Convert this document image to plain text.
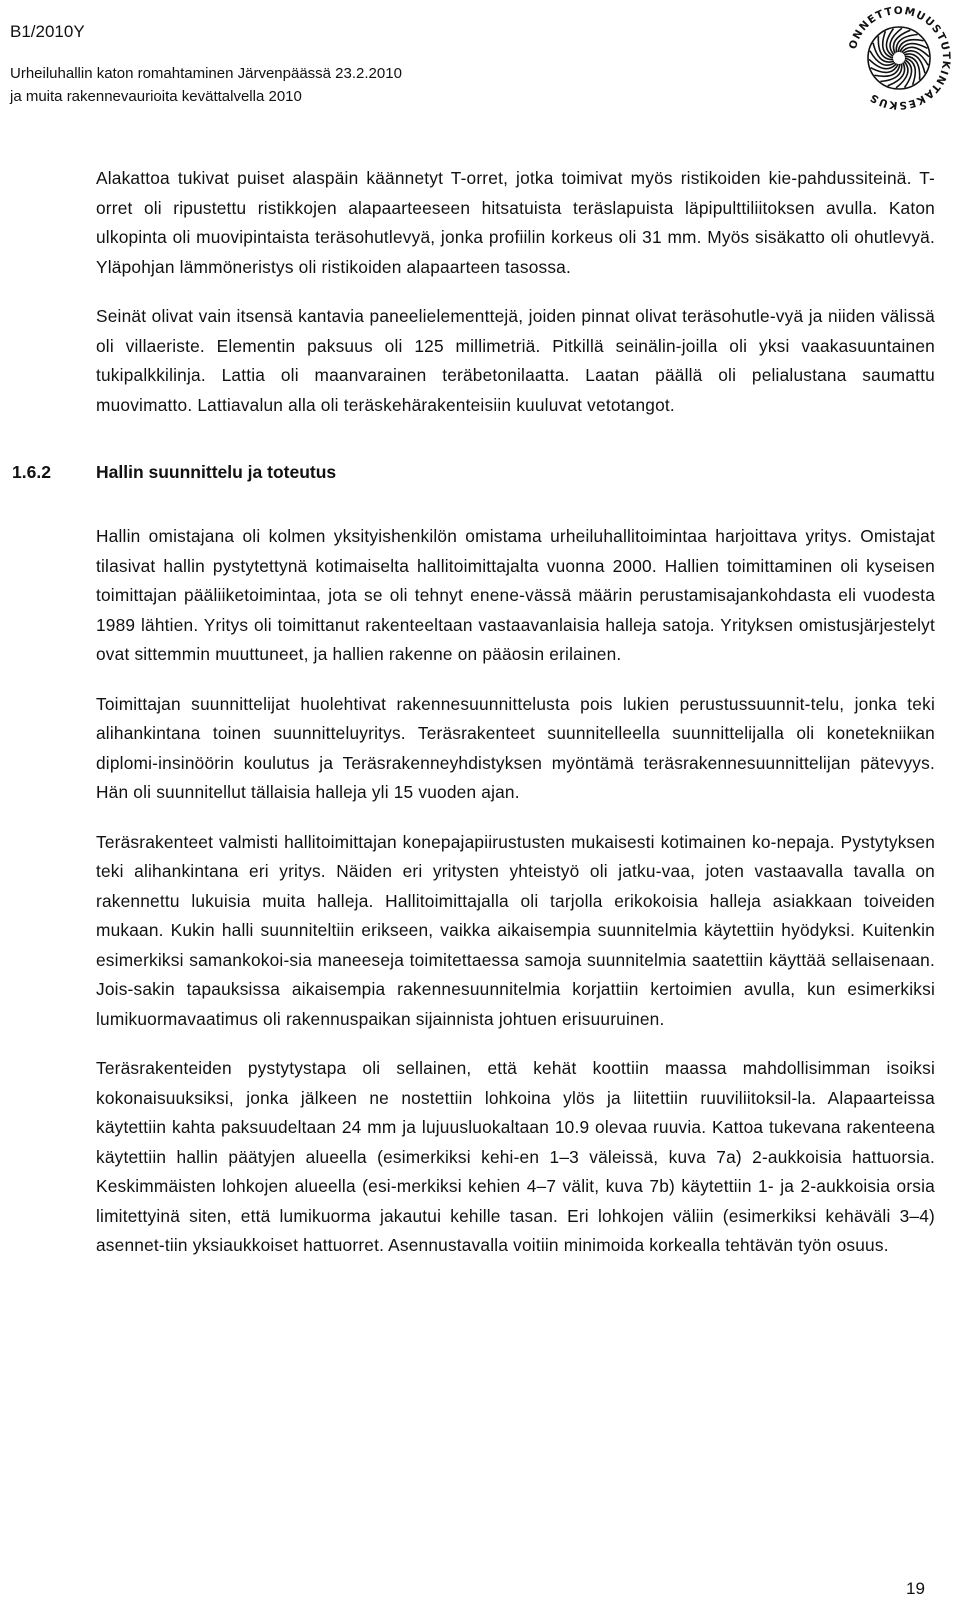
B1/2010Y
Urheiluhallin katon romahtaminen Järvenpäässä 23.2.2010
ja muita rakennevaurioita kevättalvella 2010
ONNETTOMUUSTUTKINTAKESKUS

Alakattoa tukivat puiset alaspäin käännetyt T-orret, jotka toimivat myös ristikoiden kie-pahdussiteinä. T-orret oli ripustettu ristikkojen alapaarteeseen hitsatuista teräslapuista läpipulttiliitoksen avulla. Katon ulkopinta oli muovipintaista teräsohutlevyä, jonka profiilin korkeus oli 31 mm. Myös sisäkatto oli ohutlevyä. Yläpohjan lämmöneristys oli ristikoiden alapaarteen tasossa.

Seinät olivat vain itsensä kantavia paneelielementtejä, joiden pinnat olivat teräsohutle-vyä ja niiden välissä oli villaeriste. Elementin paksuus oli 125 millimetriä. Pitkillä seinälin-joilla oli yksi vaakasuuntainen tukipalkkilinja. Lattia oli maanvarainen teräbetonilaatta. Laatan päällä oli pelialustana saumattu muovimatto. Lattiavalun alla oli teräskehärakenteisiin kuuluvat vetotangot.

1.6.2	Hallin suunnittelu ja toteutus

Hallin omistajana oli kolmen yksityishenkilön omistama urheiluhallitoimintaa harjoittava yritys. Omistajat tilasivat hallin pystytettynä kotimaiselta hallitoimittajalta vuonna 2000. Hallien toimittaminen oli kyseisen toimittajan pääliiketoimintaa, jota se oli tehnyt enene-vässä määrin perustamisajankohdasta eli vuodesta 1989 lähtien. Yritys oli toimittanut rakenteeltaan vastaavanlaisia halleja satoja. Yrityksen omistusjärjestelyt ovat sittemmin muuttuneet, ja hallien rakenne on pääosin erilainen.

Toimittajan suunnittelijat huolehtivat rakennesuunnittelusta pois lukien perustussuunnit-telu, jonka teki alihankintana toinen suunnitteluyritys. Teräsrakenteet suunnitelleella suunnittelijalla oli konetekniikan diplomi-insinöörin koulutus ja Teräsrakenneyhdistyksen myöntämä teräsrakennesuunnittelijan pätevyys. Hän oli suunnitellut tällaisia halleja yli 15 vuoden ajan.

Teräsrakenteet valmisti hallitoimittajan konepajapiirustusten mukaisesti kotimainen ko-nepaja. Pystytyksen teki alihankintana eri yritys. Näiden eri yritysten yhteistyö oli jatku-vaa, joten vastaavalla tavalla on rakennettu lukuisia muita halleja. Hallitoimittajalla oli tarjolla erikokoisia halleja asiakkaan toiveiden mukaan. Kukin halli suunniteltiin erikseen, vaikka aikaisempia suunnitelmia käytettiin hyödyksi. Kuitenkin esimerkiksi samankokoi-sia maneeseja toimitettaessa samoja suunnitelmia saatettiin käyttää sellaisenaan. Jois-sakin tapauksissa aikaisempia rakennesuunnitelmia korjattiin kertoimien avulla, kun esimerkiksi lumikuormavaatimus oli rakennuspaikan sijainnista johtuen erisuuruinen.

Teräsrakenteiden pystytystapa oli sellainen, että kehät koottiin maassa mahdollisimman isoiksi kokonaisuuksiksi, jonka jälkeen ne nostettiin lohkoina ylös ja liitettiin ruuviliitoksil-la. Alapaarteissa käytettiin kahta paksuudeltaan 24 mm ja lujuusluokaltaan 10.9 olevaa ruuvia. Kattoa tukevana rakenteena käytettiin hallin päätyjen alueella (esimerkiksi kehi-en 1–3 väleissä, kuva 7a) 2-aukkoisia hattuorsia. Keskimmäisten lohkojen alueella (esi-merkiksi kehien 4–7 välit, kuva 7b) käytettiin 1- ja 2-aukkoisia orsia limitettyinä siten, että lumikuorma jakautui kehille tasan. Eri lohkojen väliin (esimerkiksi kehäväli 3–4) asennet-tiin yksiaukkoiset hattuorret. Asennustavalla voitiin minimoida korkealla tehtävän työn osuus.

19
